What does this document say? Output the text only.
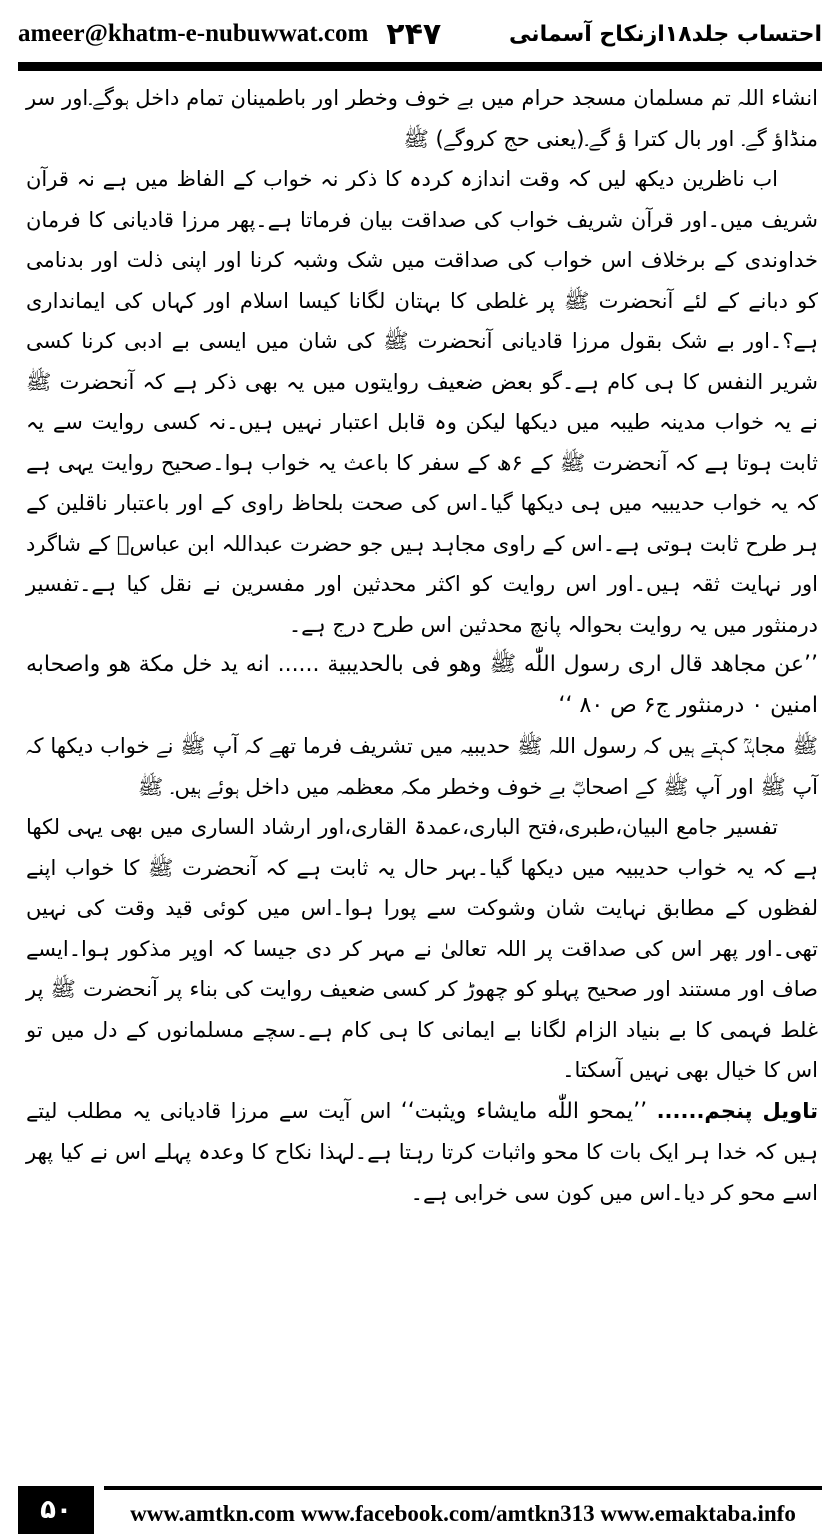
ameer@khatm-e-nubuwwat.com ۲۴۷	احتساب جلد۱۸ازنکاح آسمانی

انشاء اللہ تم مسلمان مسجد حرام میں بے خوف وخطر اور باطمینان تمام داخل ہوگے۔اور سر منڈاؤ گے۔ اور بال کترا ؤ گے۔(یعنی حج کروگے) ﷺ

اب ناظرین دیکھ لیں کہ وقت اندازہ کردہ کا ذکر نہ خواب کے الفاظ میں ہے نہ قرآن شریف میں۔اور قرآن شریف خواب کی صداقت بیان فرماتا ہے۔پھر مرزا قادیانی کا فرمان خداوندی کے برخلاف اس خواب کی صداقت میں شک وشبہ کرنا اور اپنی ذلت اور بدنامی کو دبانے کے لئے آنحضرت ﷺ پر غلطی کا بہتان لگانا کیسا اسلام اور کہاں کی ایمانداری ہے؟۔اور بے شک بقول مرزا قادیانی آنحضرت ﷺ کی شان میں ایسی بے ادبی کرنا کسی شریر النفس کا ہی کام ہے۔گو بعض ضعیف روایتوں میں یہ بھی ذکر ہے کہ آنحضرت ﷺ نے یہ خواب مدینہ طیبہ میں دیکھا لیکن وہ قابل اعتبار نہیں ہیں۔نہ کسی روایت سے یہ ثابت ہوتا ہے کہ آنحضرت ﷺ کے ۶ھ کے سفر کا باعث یہ خواب ہوا۔صحیح روایت یہی ہے کہ یہ خواب حدیبیہ میں ہی دیکھا گیا۔اس کی صحت بلحاظ راوی کے اور باعتبار ناقلین کے ہر طرح ثابت ہوتی ہے۔اس کے راوی مجاہد ہیں جو حضرت عبداللہ ابن عباسؓ کے شاگرد اور نہایت ثقہ ہیں۔اور اس روایت کو اکثر محدثین اور مفسرین نے نقل کیا ہے۔تفسیر درمنثور میں یہ روایت بحوالہ پانچ محدثین اس طرح درج ہے۔

’’عن مجاهد قال اری رسول اللّٰه ﷺ وهو فی بالحدیبیة ...... انه ید خل مكة هو واصحابه امنین ۰ درمنثور ج۶ ص ۸۰ ‘‘

ﷺ مجاہدؒ کہتے ہیں کہ رسول اللہ ﷺ حدیبیہ میں تشریف فرما تھے کہ آپ ﷺ نے خواب دیکھا کہ آپ ﷺ اور آپ ﷺ کے اصحابؓ بے خوف وخطر مکہ معظمہ میں داخل ہوئے ہیں۔ ﷺ

تفسیر جامع البیان،طبری،فتح الباری،عمدۃ القاری،اور ارشاد الساری میں بھی یہی لکھا ہے کہ یہ خواب حدیبیہ میں دیکھا گیا۔بہر حال یہ ثابت ہے کہ آنحضرت ﷺ کا خواب اپنے لفظوں کے مطابق نہایت شان وشوکت سے پورا ہوا۔اس میں کوئی قید وقت کی نہیں تھی۔اور پھر اس کی صداقت پر اللہ تعالیٰ نے مہر کر دی جیسا کہ اوپر مذکور ہوا۔ایسے صاف اور مستند اور صحیح پہلو کو چھوڑ کر کسی ضعیف روایت کی بناء پر آنحضرت ﷺ پر غلط فہمی کا بے بنیاد الزام لگانا بے ایمانی کا ہی کام ہے۔سچے مسلمانوں کے دل میں تو اس کا خیال بھی نہیں آسکتا۔

تاویل پنجم...... ’’یمحو اللّٰه مایشاء ویثبت‘‘ اس آیت سے مرزا قادیانی یہ مطلب لیتے ہیں کہ خدا ہر ایک بات کا محو واثبات کرتا رہتا ہے۔لہذا نکاح کا وعدہ پہلے اس نے کیا پھر اسے محو کر دیا۔اس میں کون سی خرابی ہے۔

۵۰	www.amtkn.com www.facebook.com/amtkn313 www.emaktaba.info
